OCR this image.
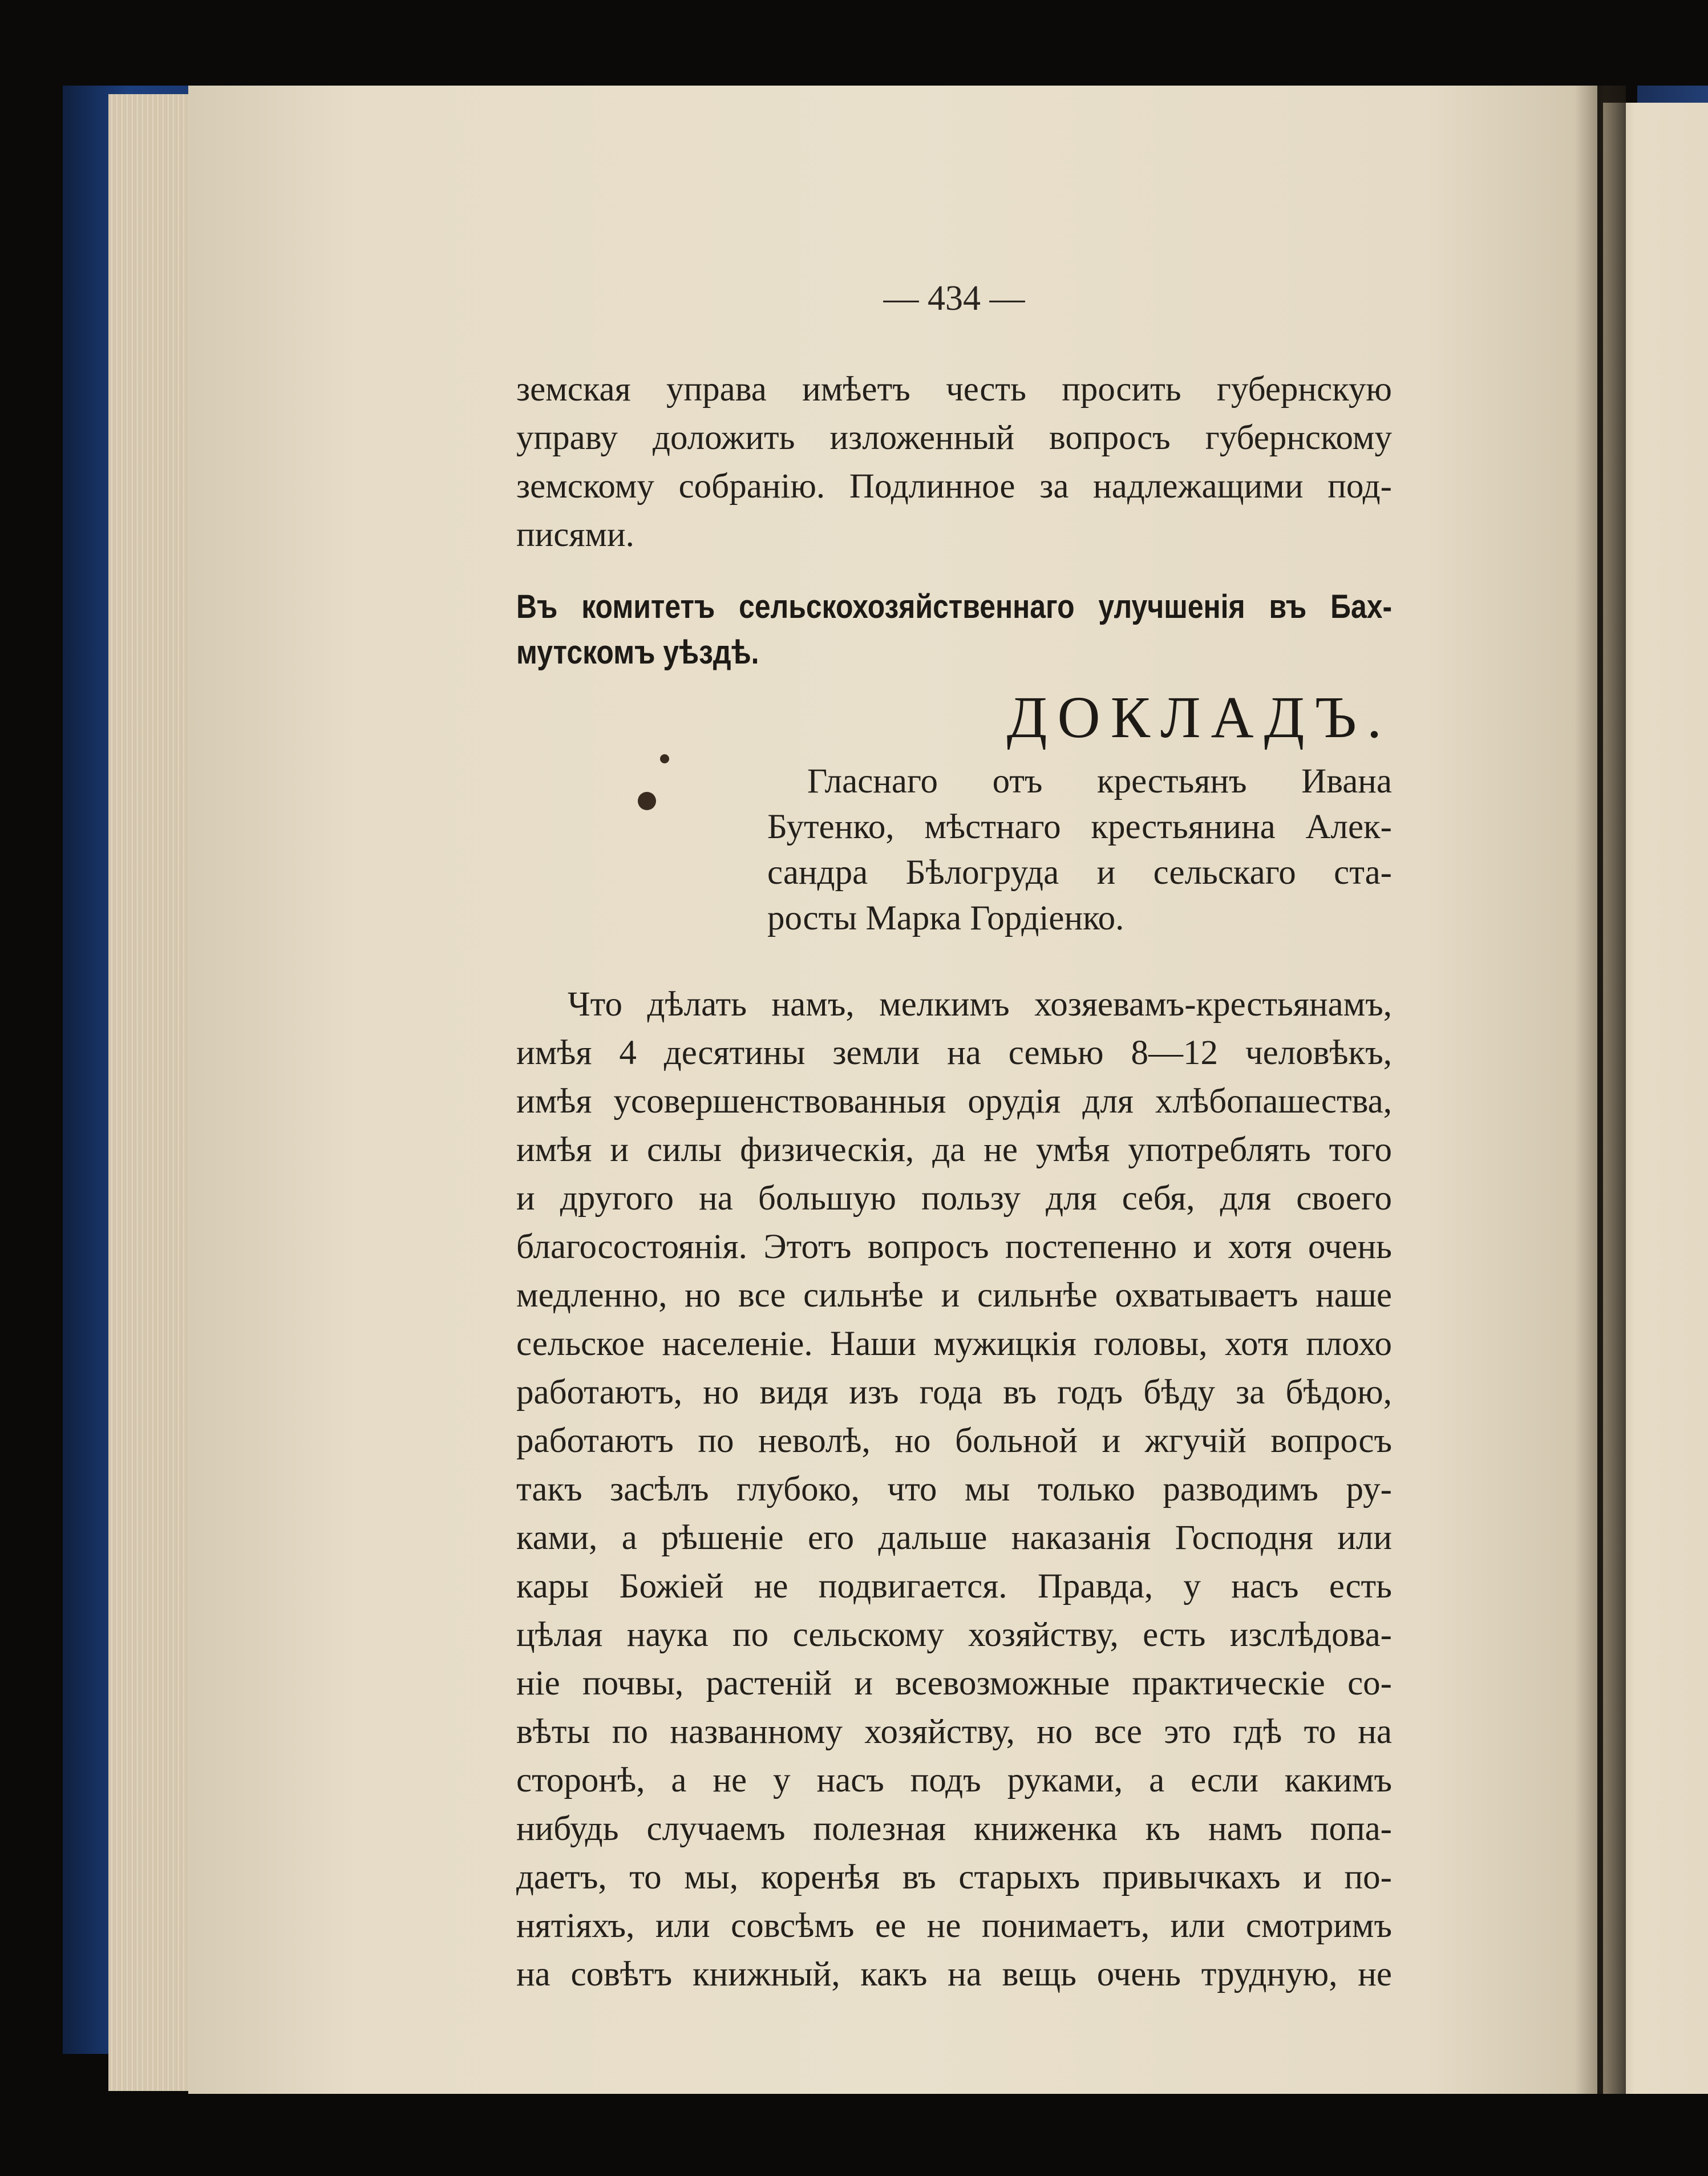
— 434 —
земская управа имѣетъ честь просить губернскую
управу доложить изложенный вопросъ губернскому
земскому собранію. Подлинное за надлежащими под-
писями.
Въ комитетъ сельскохозяйственнаго улучшенія въ Бах-
мутскомъ уѣздѣ.
ДОКЛАДЪ.
Гласнаго отъ крестьянъ Ивана
Бутенко, мѣстнаго крестьянина Алек-
сандра Бѣлогруда и сельскаго ста-
росты Марка Гордіенко.
Что дѣлать намъ, мелкимъ хозяевамъ-крестьянамъ,
имѣя 4 десятины земли на семью 8—12 человѣкъ,
имѣя усовершенствованныя орудія для хлѣбопашества,
имѣя и силы физическія, да не умѣя употреблять того
и другого на большую пользу для себя, для своего
благосостоянія. Этотъ вопросъ постепенно и хотя очень
медленно, но все сильнѣе и сильнѣе охватываетъ наше
сельское населеніе. Наши мужицкія головы, хотя плохо
работаютъ, но видя изъ года въ годъ бѣду за бѣдою,
работаютъ по неволѣ, но больной и жгучій вопросъ
такъ засѣлъ глубоко, что мы только разводимъ ру-
ками, а рѣшеніе его дальше наказанія Господня или
кары Божіей не подвигается. Правда, у насъ есть
цѣлая наука по сельскому хозяйству, есть изслѣдова-
ніе почвы, растеній и всевозможные практическіе со-
вѣты по названному хозяйству, но все это гдѣ то на
сторонѣ, а не у насъ подъ руками, а если какимъ
нибудь случаемъ полезная книженка къ намъ попа-
даетъ, то мы, коренѣя въ старыхъ привычкахъ и по-
нятіяхъ, или совсѣмъ ее не понимаетъ, или смотримъ
на совѣтъ книжный, какъ на вещь очень трудную, не
